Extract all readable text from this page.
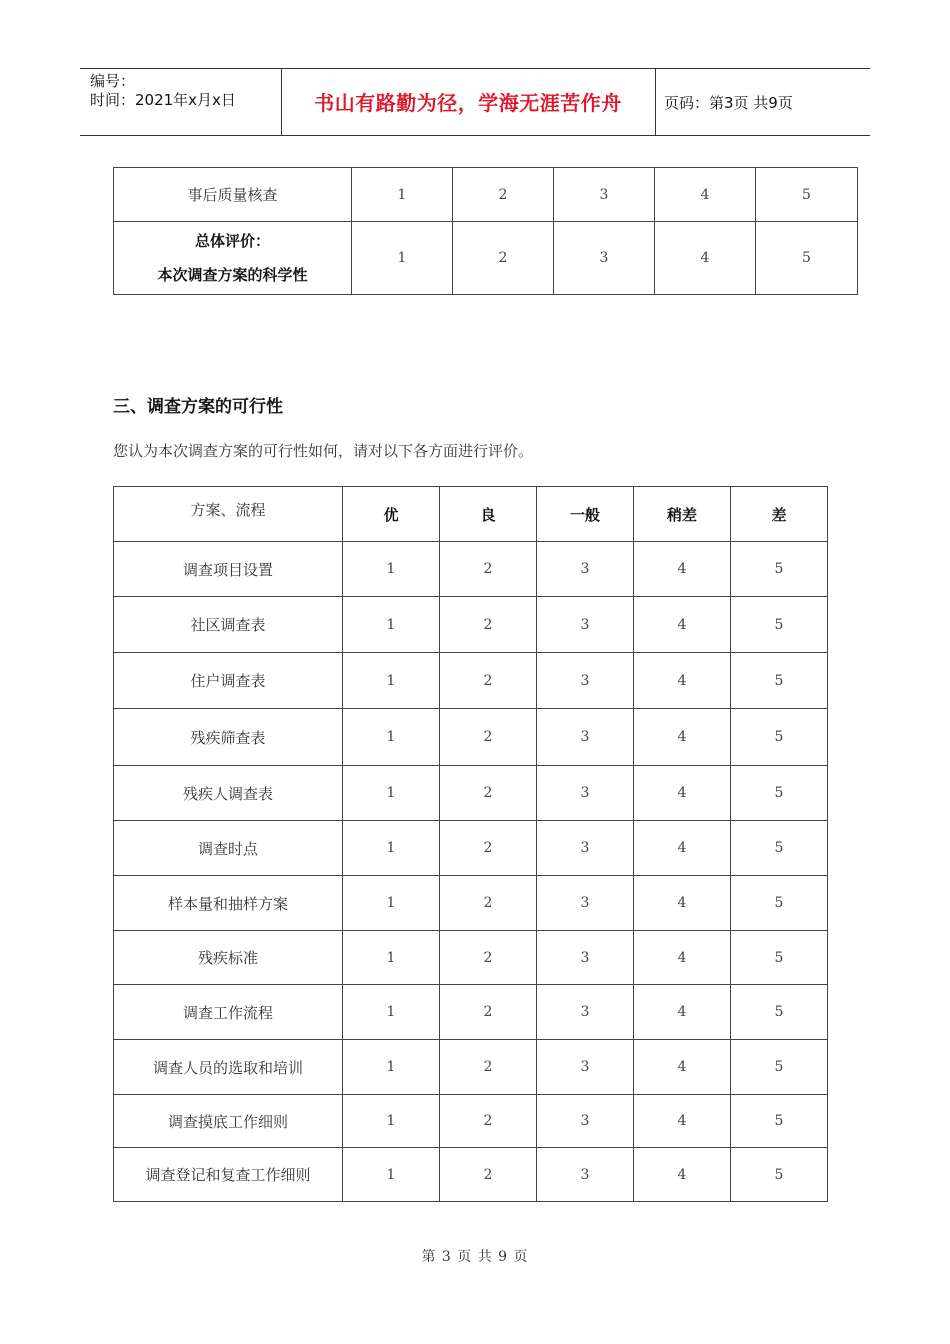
编号：
时间：2021年x月x日	书山有路勤为径，学海无涯苦作舟	页码：第3页 共9页
事后质量核查	1	2	3	4	5

总体评价：
本次调查方案的科学性	1	2	3	4	5
三、调查方案的可行性
您认为本次调查方案的可行性如何，请对以下各方面进行评价。
方案、流程	优	良	一般	稍差	差
调查项目设置	1	2	3	4	5
社区调查表	1	2	3	4	5
住户调查表	1	2	3	4	5
残疾筛查表	1	2	3	4	5
残疾人调查表	1	2	3	4	5
调查时点	1	2	3	4	5
样本量和抽样方案	1	2	3	4	5
残疾标准	1	2	3	4	5
调查工作流程	1	2	3	4	5
调查人员的选取和培训	1	2	3	4	5
调查摸底工作细则	1	2	3	4	5
调查登记和复查工作细则	1	2	3	4	5
第 3 页 共 9 页
